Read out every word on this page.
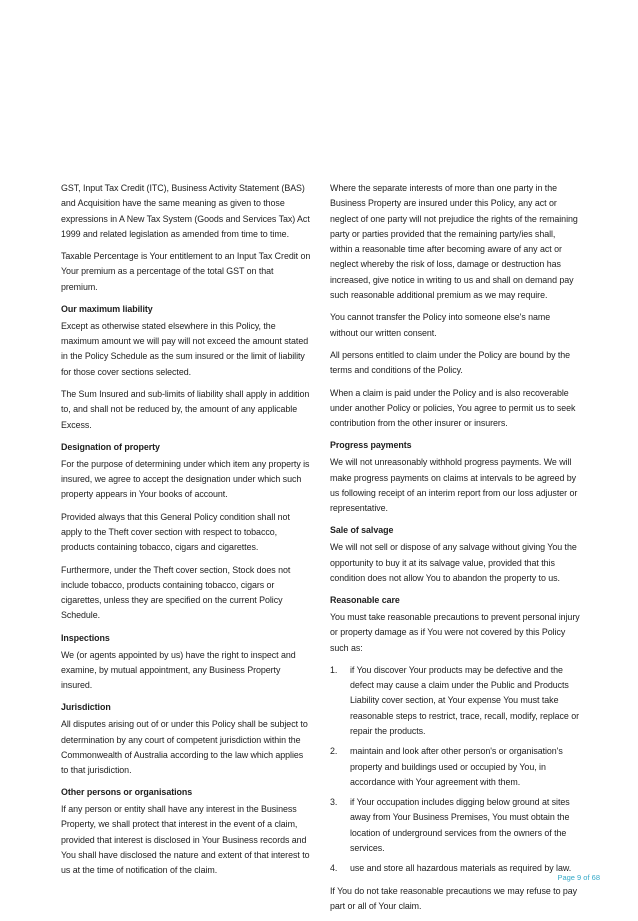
GST, Input Tax Credit (ITC), Business Activity Statement (BAS) and Acquisition have the same meaning as given to those expressions in A New Tax System (Goods and Services Tax) Act 1999 and related legislation as amended from time to time.

Taxable Percentage is Your entitlement to an Input Tax Credit on Your premium as a percentage of the total GST on that premium.

Our maximum liability

Except as otherwise stated elsewhere in this Policy, the maximum amount we will pay will not exceed the amount stated in the Policy Schedule as the sum insured or the limit of liability for those cover sections selected.

The Sum Insured and sub-limits of liability shall apply in addition to, and shall not be reduced by, the amount of any applicable Excess.

Designation of property

For the purpose of determining under which item any property is insured, we agree to accept the designation under which such property appears in Your books of account.

Provided always that this General Policy condition shall not apply to the Theft cover section with respect to tobacco, products containing tobacco, cigars and cigarettes.

Furthermore, under the Theft cover section, Stock does not include tobacco, products containing tobacco, cigars or cigarettes, unless they are specified on the current Policy Schedule.

Inspections

We (or agents appointed by us) have the right to inspect and examine, by mutual appointment, any Business Property insured.

Jurisdiction

All disputes arising out of or under this Policy shall be subject to determination by any court of competent jurisdiction within the Commonwealth of Australia according to the law which applies to that jurisdiction.

Other persons or organisations

If any person or entity shall have any interest in the Business Property, we shall protect that interest in the event of a claim, provided that interest is disclosed in Your Business records and You shall have disclosed the nature and extent of that interest to us at the time of notification of the claim.

Where the separate interests of more than one party in the Business Property are insured under this Policy, any act or neglect of one party will not prejudice the rights of the remaining party or parties provided that the remaining party/ies shall, within a reasonable time after becoming aware of any act or neglect whereby the risk of loss, damage or destruction has increased, give notice in writing to us and shall on demand pay such reasonable additional premium as we may require.

You cannot transfer the Policy into someone else's name without our written consent.

All persons entitled to claim under the Policy are bound by the terms and conditions of the Policy.

When a claim is paid under the Policy and is also recoverable under another Policy or policies, You agree to permit us to seek contribution from the other insurer or insurers.

Progress payments

We will not unreasonably withhold progress payments. We will make progress payments on claims at intervals to be agreed by us following receipt of an interim report from our loss adjuster or representative.

Sale of salvage

We will not sell or dispose of any salvage without giving You the opportunity to buy it at its salvage value, provided that this condition does not allow You to abandon the property to us.

Reasonable care

You must take reasonable precautions to prevent personal injury or property damage as if You were not covered by this Policy such as:

1. if You discover Your products may be defective and the defect may cause a claim under the Public and Products Liability cover section, at Your expense You must take reasonable steps to restrict, trace, recall, modify, replace or repair the products.
2. maintain and look after other person's or organisation's property and buildings used or occupied by You, in accordance with Your agreement with them.
3. if Your occupation includes digging below ground at sites away from Your Business Premises, You must obtain the location of underground services from the owners of the services.
4. use and store all hazardous materials as required by law.

If You do not take reasonable precautions we may refuse to pay part or all of Your claim.

Page 9 of 68
